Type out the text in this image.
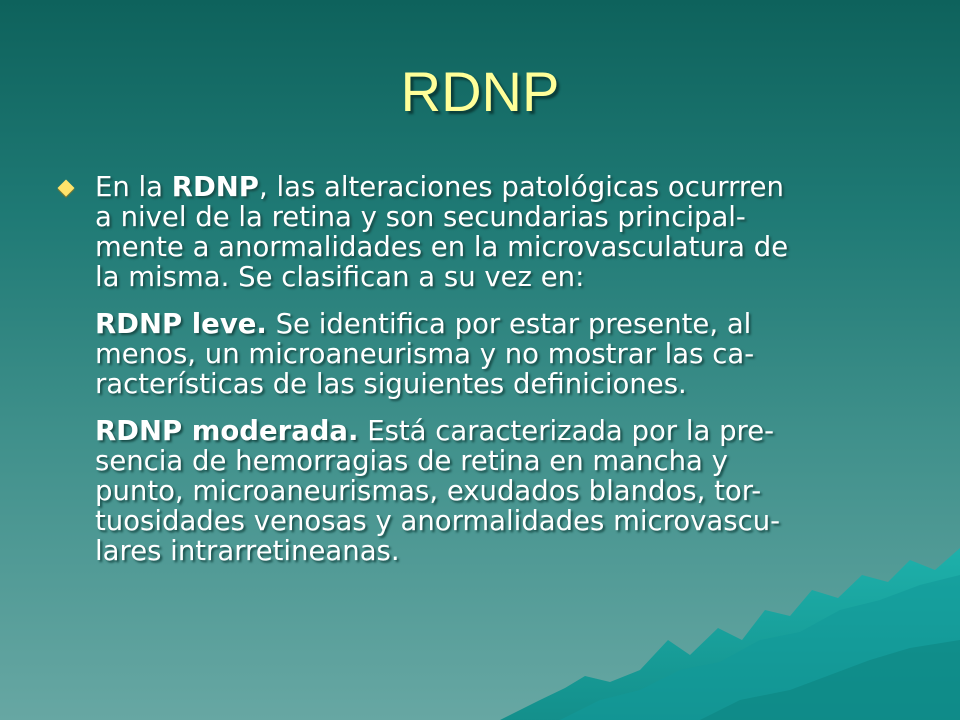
RDNP

En la RDNP, las alteraciones patológicas ocurrren
a nivel de la retina y son secundarias principal-
mente a anormalidades en la microvasculatura de
la misma. Se clasifican a su vez en:

RDNP leve. Se identifica por estar presente, al
menos, un microaneurisma y no mostrar las ca-
racterísticas de las siguientes definiciones.

RDNP moderada. Está caracterizada por la pre-
sencia de hemorragias de retina en mancha y
punto, microaneurismas, exudados blandos, tor-
tuosidades venosas y anormalidades microvascu-
lares intrarretineanas.
